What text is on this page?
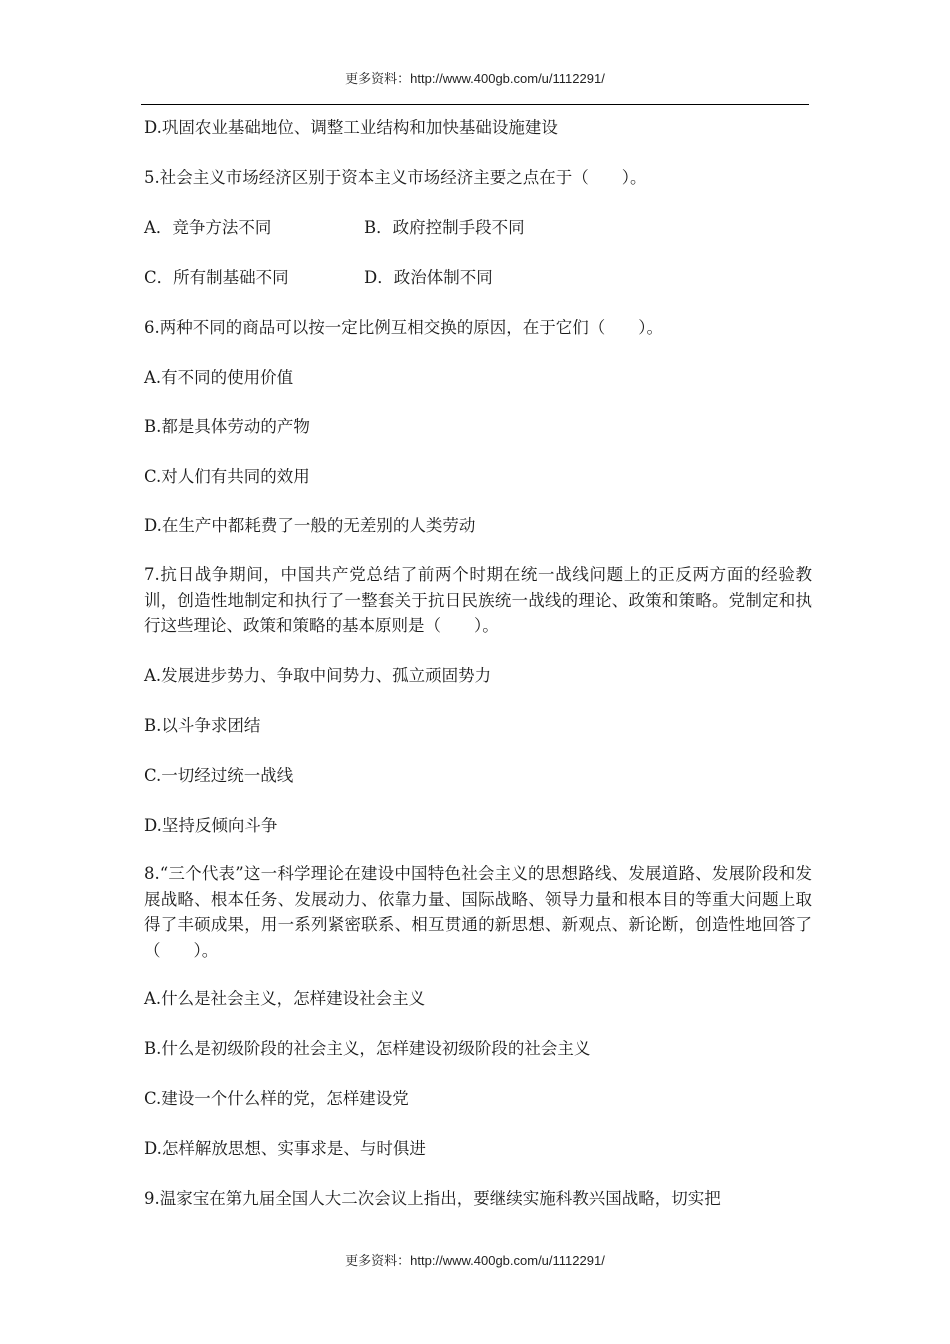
更多资料：http://www.400gb.com/u/1112291/
D.巩固农业基础地位、调整工业结构和加快基础设施建设
5.社会主义市场经济区别于资本主义市场经济主要之点在于（　　）。
A．竞争方法不同	B．政府控制手段不同
C．所有制基础不同	D．政治体制不同
6.两种不同的商品可以按一定比例互相交换的原因，在于它们（　　）。
A.有不同的使用价值
B.都是具体劳动的产物
C.对人们有共同的效用
D.在生产中都耗费了一般的无差别的人类劳动
7.抗日战争期间，中国共产党总结了前两个时期在统一战线问题上的正反两方面的经验教训，创造性地制定和执行了一整套关于抗日民族统一战线的理论、政策和策略。党制定和执行这些理论、政策和策略的基本原则是（　　）。
A.发展进步势力、争取中间势力、孤立顽固势力
B.以斗争求团结
C.一切经过统一战线
D.坚持反倾向斗争
8.“三个代表”这一科学理论在建设中国特色社会主义的思想路线、发展道路、发展阶段和发展战略、根本任务、发展动力、依靠力量、国际战略、领导力量和根本目的等重大问题上取得了丰硕成果，用一系列紧密联系、相互贯通的新思想、新观点、新论断，创造性地回答了（　　）。
A.什么是社会主义，怎样建设社会主义
B.什么是初级阶段的社会主义，怎样建设初级阶段的社会主义
C.建设一个什么样的党，怎样建设党
D.怎样解放思想、实事求是、与时俱进
9.温家宝在第九届全国人大二次会议上指出，要继续实施科教兴国战略，切实把
更多资料：http://www.400gb.com/u/1112291/
